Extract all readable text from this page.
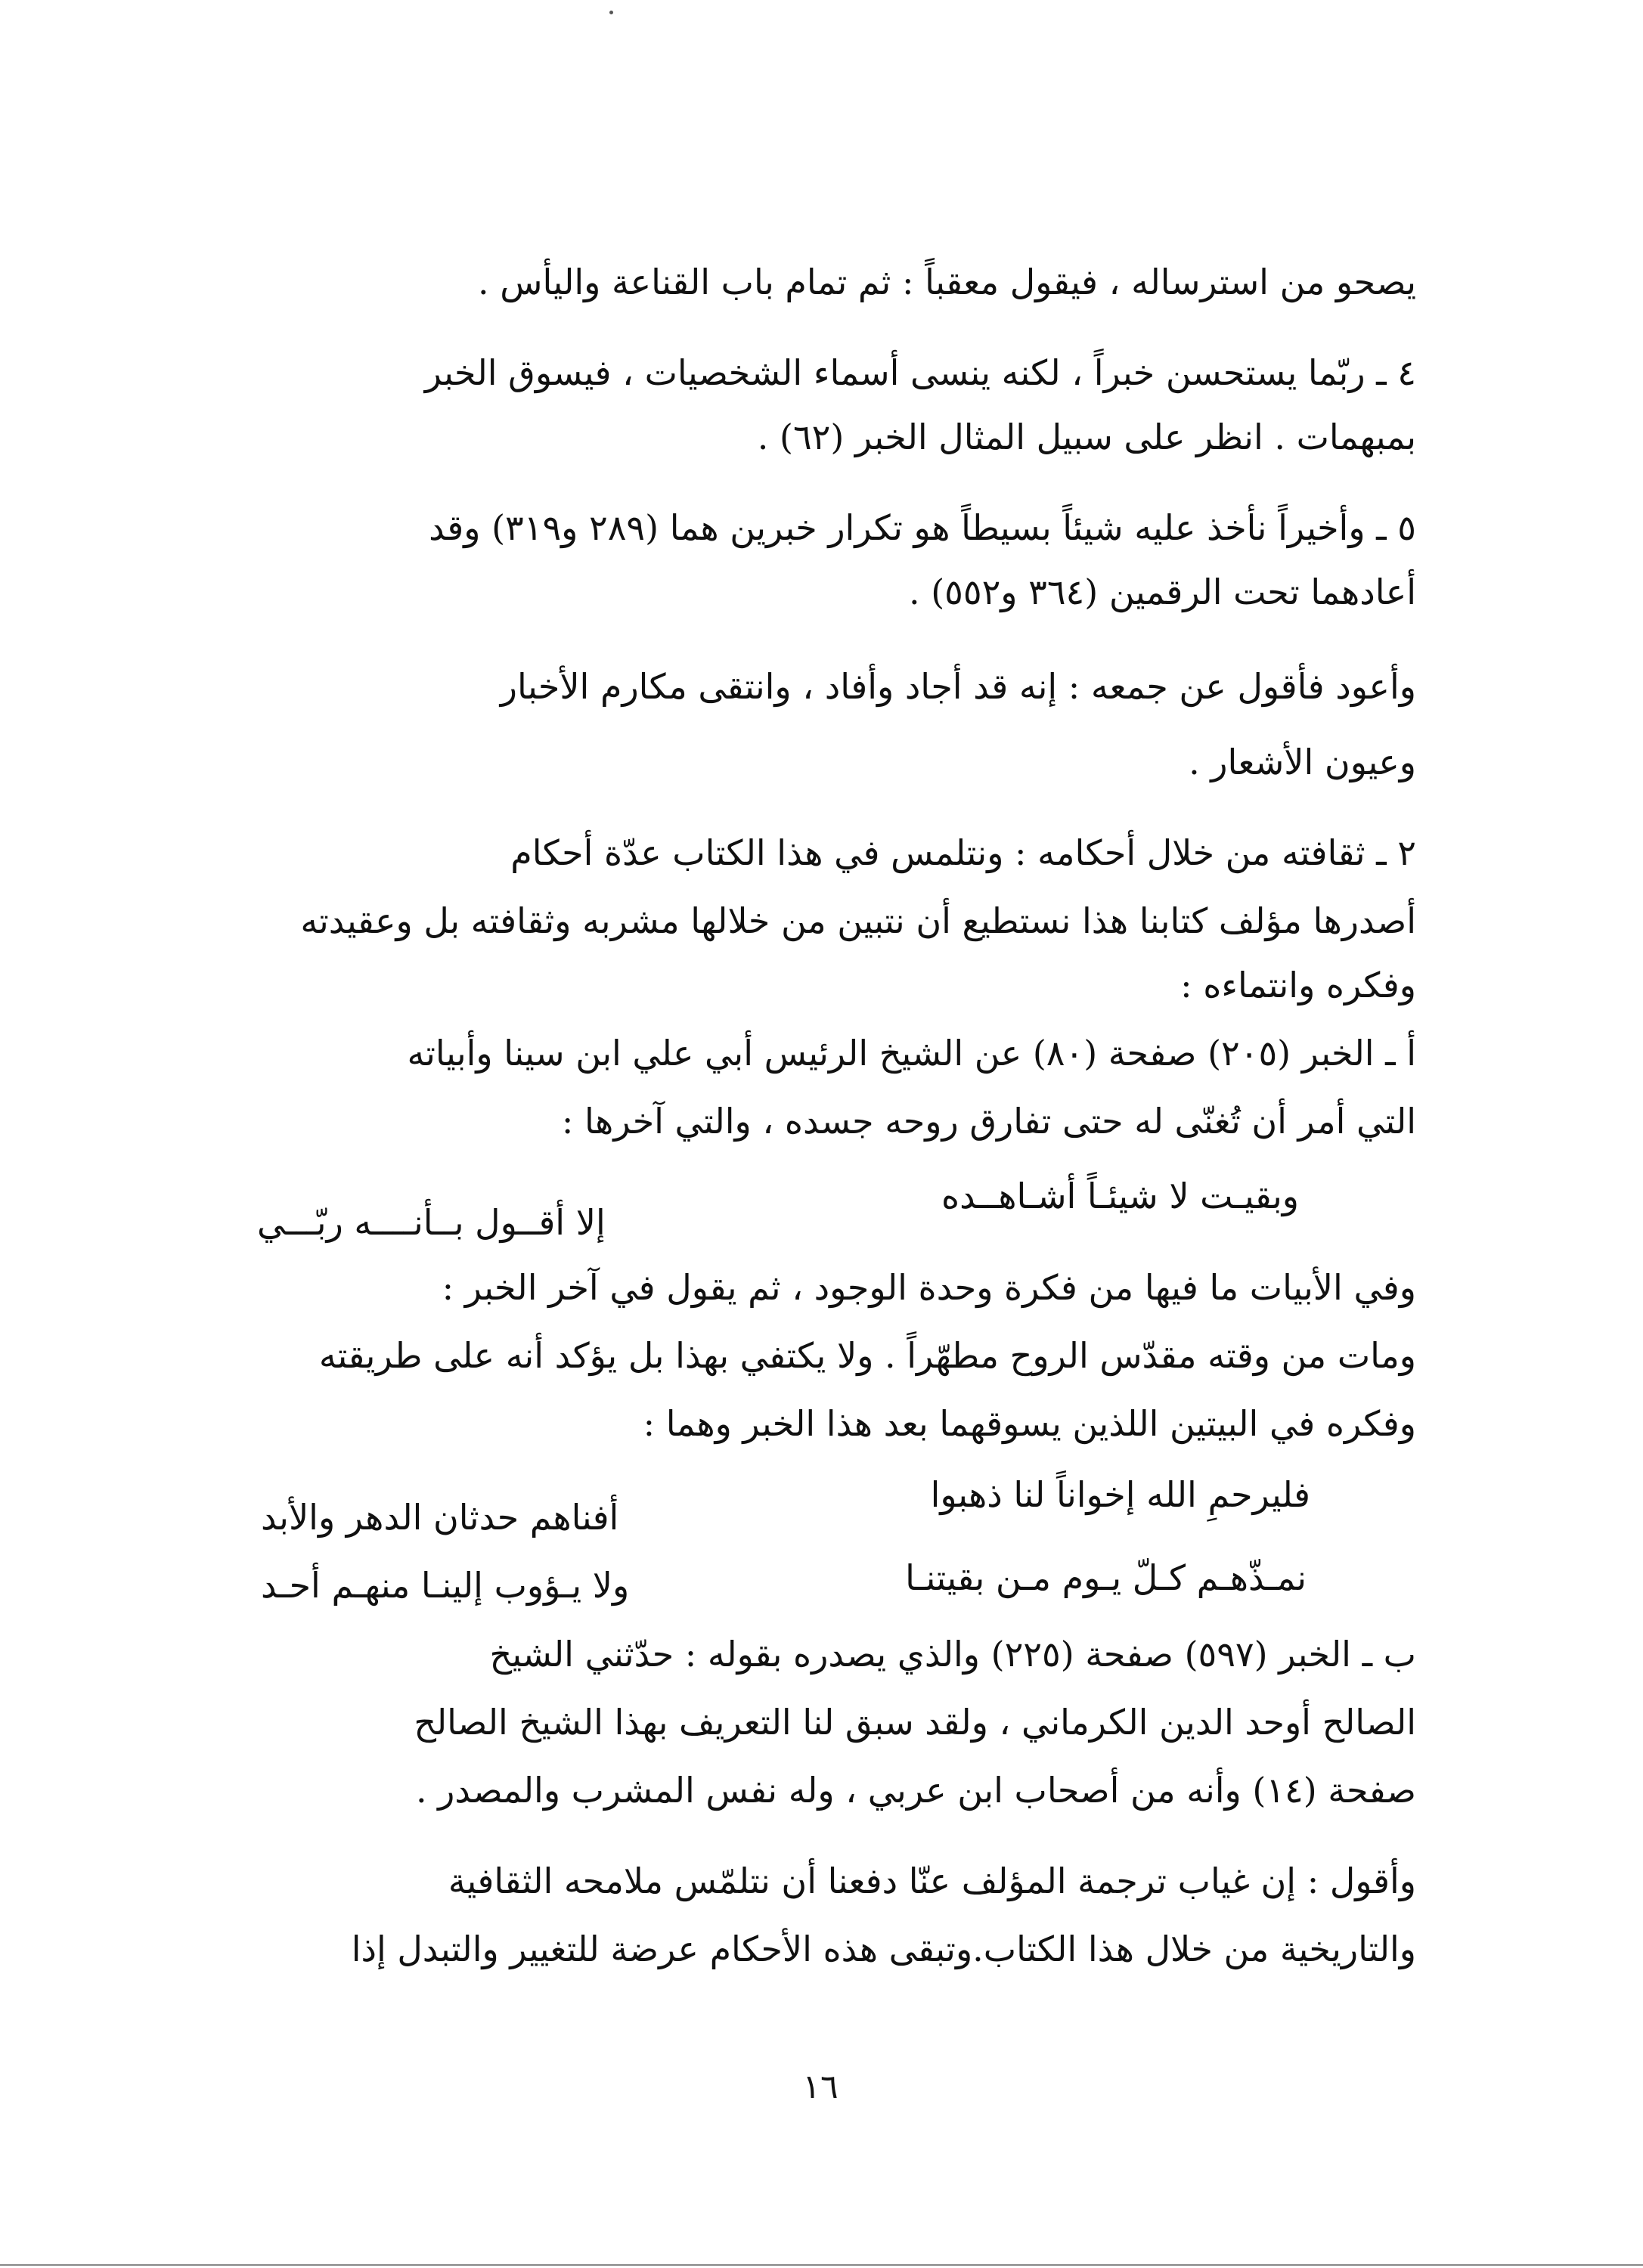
يصحو من استرساله ، فيقول معقباً : ثم تمام باب القناعة واليأس .
٤ ـ ربّما يستحسن خبراً ، لكنه ينسى أسماء الشخصيات ، فيسوق الخبر
بمبهمات . انظر على سبيل المثال الخبر (٦٢) .
٥ ـ وأخيراً نأخذ عليه شيئاً بسيطاً هو تكرار خبرين هما (٢٨٩ و٣١٩) وقد
أعادهما تحت الرقمين (٣٦٤ و٥٥٢) .
وأعود فأقول عن جمعه : إنه قد أجاد وأفاد ، وانتقى مكارم الأخبار
وعيون الأشعار .
٢ ـ ثقافته من خلال أحكامه : ونتلمس في هذا الكتاب عدّة أحكام
أصدرها مؤلف كتابنا هذا نستطيع أن نتبين من خلالها مشربه وثقافته بل وعقيدته
وفكره وانتماءه :
أ ـ الخبر (٢٠٥) صفحة (٨٠) عن الشيخ الرئيس أبي علي ابن سينا وأبياته
التي أمر أن تُغنّى له حتى تفارق روحه جسده ، والتي آخرها :
وفي الأبيات ما فيها من فكرة وحدة الوجود ، ثم يقول في آخر الخبر :
ومات من وقته مقدّس الروح مطهّراً . ولا يكتفي بهذا بل يؤكد أنه على طريقته
وفكره في البيتين اللذين يسوقهما بعد هذا الخبر وهما :
ب ـ الخبر (٥٩٧) صفحة (٢٢٥) والذي يصدره بقوله : حدّثني الشيخ
الصالح أوحد الدين الكرماني ، ولقد سبق لنا التعريف بهذا الشيخ الصالح
صفحة (١٤) وأنه من أصحاب ابن عربي ، وله نفس المشرب والمصدر .
وأقول : إن غياب ترجمة المؤلف عنّا دفعنا أن نتلمّس ملامحه الثقافية
والتاريخية من خلال هذا الكتاب.وتبقى هذه الأحكام عرضة للتغيير والتبدل إذا
وبقيـت لا شيئـاً أشـاهــده
إلا أقــول بــأنــــه ربّـــي
فليرحمِ الله إخواناً لنا ذهبوا
أفناهم حدثان الدهر والأبد
نمـذّهـم كـلّ يـوم مـن بقيتنـا
ولا يـؤوب إلينـا منهـم أحـد
١٦
